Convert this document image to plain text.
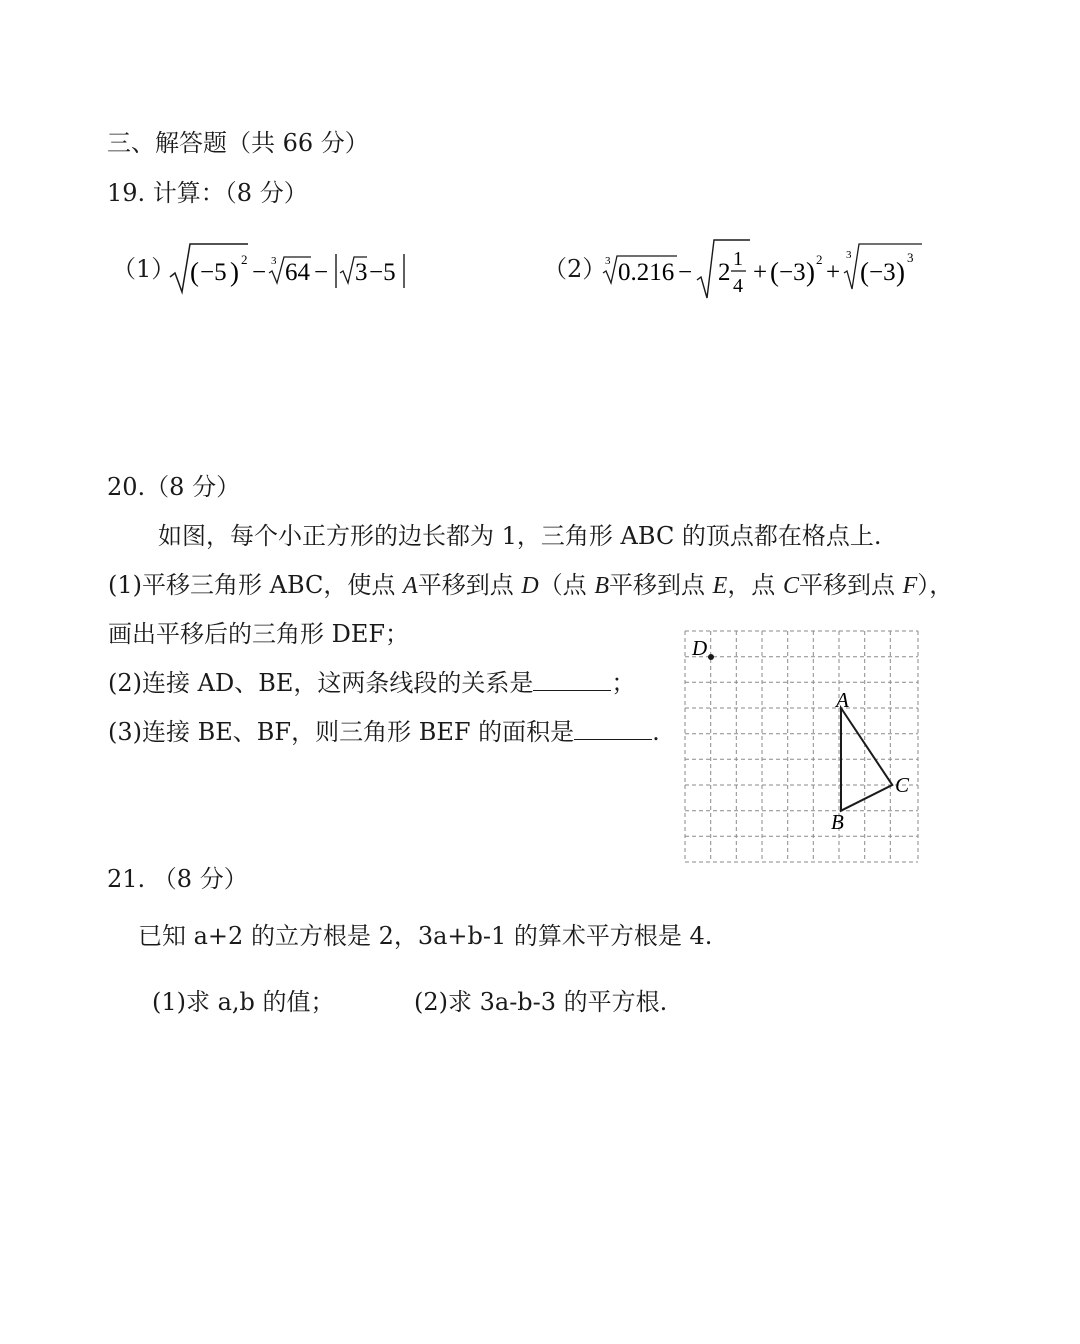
三、解答题（共 66 分）
19. 计算：（8 分）
（1）	（2）
( −5 ) 2 − 3 64 − 3 −5	3 0.216 − 2 1
4 + ( −3 ) 2 +
3
( −3 ) 3
20.（8 分）
如图，每个小正方形的边长都为 1，三角形 ABC 的顶点都在格点上.
(1)平移三角形 ABC，使点 A平移到点 D（点 B平移到点 E，点 C平移到点 F），
画出平移后的三角形 DEF；
(2)连接 AD、BE，这两条线段的关系是	；
(3)连接 BE、BF，则三角形 BEF 的面积是	.
D
A
B
C
21. （8 分）
已知 a+2 的立方根是 2，3a+b-1 的算术平方根是 4.
(1)求 a,b 的值；	(2)求 3a-b-3 的平方根.
